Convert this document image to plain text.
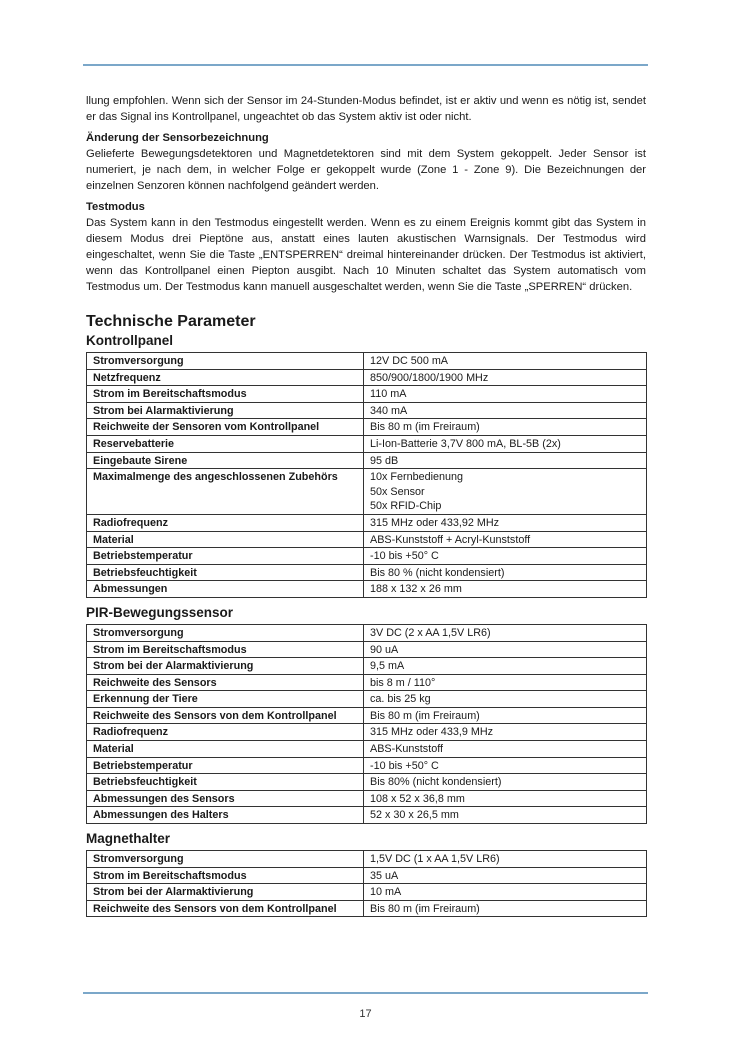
llung empfohlen. Wenn sich der Sensor im 24-Stunden-Modus befindet, ist er aktiv und wenn es nötig ist, sendet er das Signal ins Kontrollpanel, ungeachtet ob das System aktiv ist oder nicht.

Änderung der Sensorbezeichnung

Gelieferte Bewegungsdetektoren und Magnetdetektoren sind mit dem System gekoppelt. Jeder Sensor ist numeriert, je nach dem, in welcher Folge er gekoppelt wurde (Zone 1 - Zone 9). Die Bezeichnungen der einzelnen Senzoren können nachfolgend geändert werden.

Testmodus

Das System kann in den Testmodus eingestellt werden. Wenn es zu einem Ereignis kommt gibt das System in diesem Modus drei Pieptöne aus, anstatt eines lauten akustischen Warnsignals. Der Testmodus wird eingeschaltet, wenn Sie die Taste „ENTSPERREN“ dreimal hintereinander drücken. Der Testmodus ist aktiviert, wenn das Kontrollpanel einen Piepton ausgibt. Nach 10 Minuten schaltet das System automatisch vom Testmodus um. Der Testmodus kann manuell ausgeschaltet werden, wenn Sie die Taste „SPERREN“ drücken.

Technische Parameter
Kontrollpanel
Stromversorgung	12V DC 500 mA
Netzfrequenz	850/900/1800/1900 MHz
Strom im Bereitschaftsmodus	110 mA
Strom bei Alarmaktivierung	340 mA
Reichweite der Sensoren vom Kontrollpanel	Bis 80 m (im Freiraum)
Reservebatterie	Li-Ion-Batterie 3,7V 800 mA, BL-5B (2x)
Eingebaute Sirene	95 dB
Maximalmenge des angeschlossenen Zubehörs	10x Fernbedienung
50x Sensor
50x RFID-Chip
Radiofrequenz	315 MHz oder 433,92 MHz
Material	ABS-Kunststoff + Acryl-Kunststoff
Betriebstemperatur	-10 bis +50° C
Betriebsfeuchtigkeit	Bis 80 % (nicht kondensiert)
Abmessungen	188 x 132 x 26 mm
PIR-Bewegungssensor
Stromversorgung	3V DC (2 x AA 1,5V LR6)
Strom im Bereitschaftsmodus	90 uA
Strom bei der Alarmaktivierung	9,5 mA
Reichweite des Sensors	bis 8 m / 110°
Erkennung der Tiere	ca. bis 25 kg
Reichweite des Sensors von dem Kontrollpanel	Bis 80 m (im Freiraum)
Radiofrequenz	315 MHz oder 433,9 MHz
Material	ABS-Kunststoff
Betriebstemperatur	-10 bis +50° C
Betriebsfeuchtigkeit	Bis 80% (nicht kondensiert)
Abmessungen des Sensors	108 x 52 x 36,8 mm
Abmessungen des Halters	52 x 30 x 26,5 mm
Magnethalter
Stromversorgung	1,5V DC (1 x AA 1,5V LR6)
Strom im Bereitschaftsmodus	35 uA
Strom bei der Alarmaktivierung	10 mA
Reichweite des Sensors von dem Kontrollpanel	Bis 80 m (im Freiraum)
17
